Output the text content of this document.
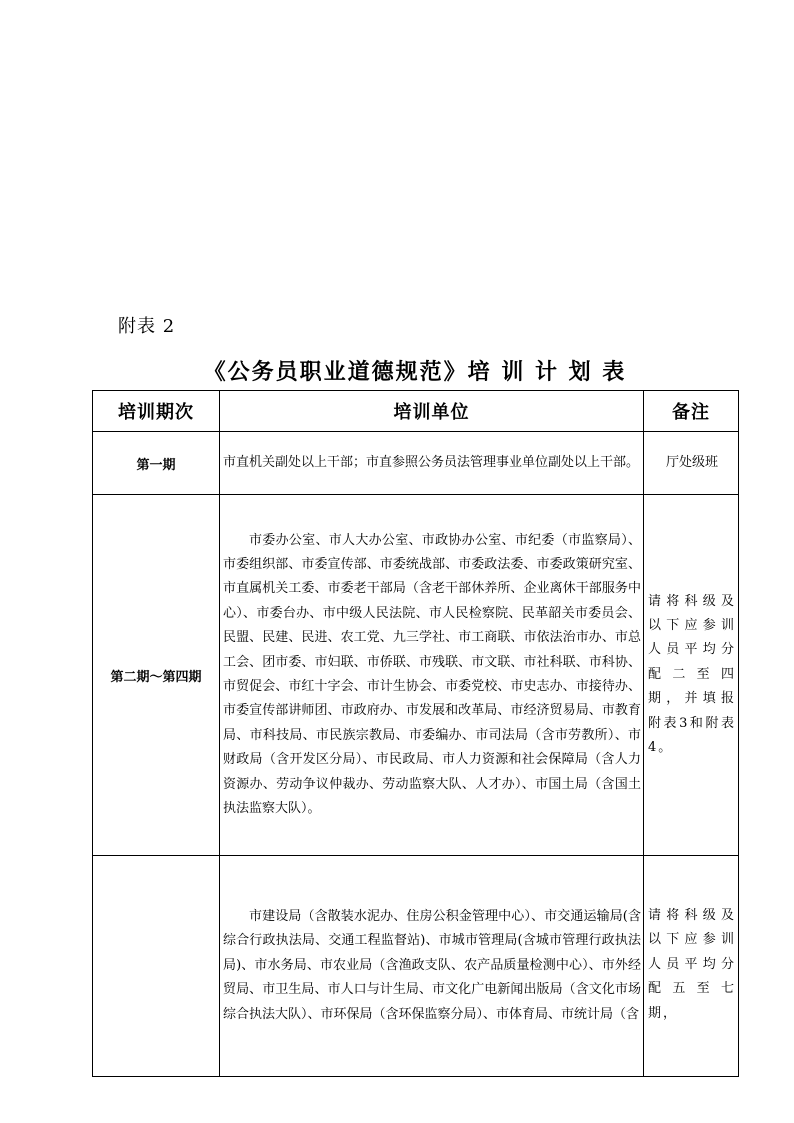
附表 2
《公务员职业道德规范》培 训 计 划 表
培训期次	培训单位	备注
第一期	市直机关副处以上干部；市直参照公务员法管理事业单位副处以上干部。	厅处级班
第二期～第四期	市委办公室、市人大办公室、市政协办公室、市纪委（市监察局）、市委组织部、市委宣传部、市委统战部、市委政法委、市委政策研究室、市直属机关工委、市委老干部局（含老干部休养所、企业离休干部服务中心）、市委台办、市中级人民法院、市人民检察院、民革韶关市委员会、民盟、民建、民进、农工党、九三学社、市工商联、市依法治市办、市总工会、团市委、市妇联、市侨联、市残联、市文联、市社科联、市科协、市贸促会、市红十字会、市计生协会、市委党校、市史志办、市接待办、市委宣传部讲师团、市政府办、市发展和改革局、市经济贸易局、市教育局、市科技局、市民族宗教局、市委编办、市司法局（含市劳教所）、市财政局（含开发区分局）、市民政局、市人力资源和社会保障局（含人力资源办、劳动争议仲裁办、劳动监察大队、人才办）、市国土局（含国土执法监察大队）。	请将科级及以下应参训人员平均分配二至四期，并填报附表3和附表4。
	市建设局（含散装水泥办、住房公积金管理中心）、市交通运输局(含综合行政执法局、交通工程监督站)、市城市管理局(含城市管理行政执法局)、市水务局、市农业局（含渔政支队、农产品质量检测中心）、市外经贸局、市卫生局、市人口与计生局、市文化广电新闻出版局（含文化市场综合执法大队）、市环保局（含环保监察分局）、市体育局、市统计局（含	请将科级及以下应参训人员平均分配五至七期，
